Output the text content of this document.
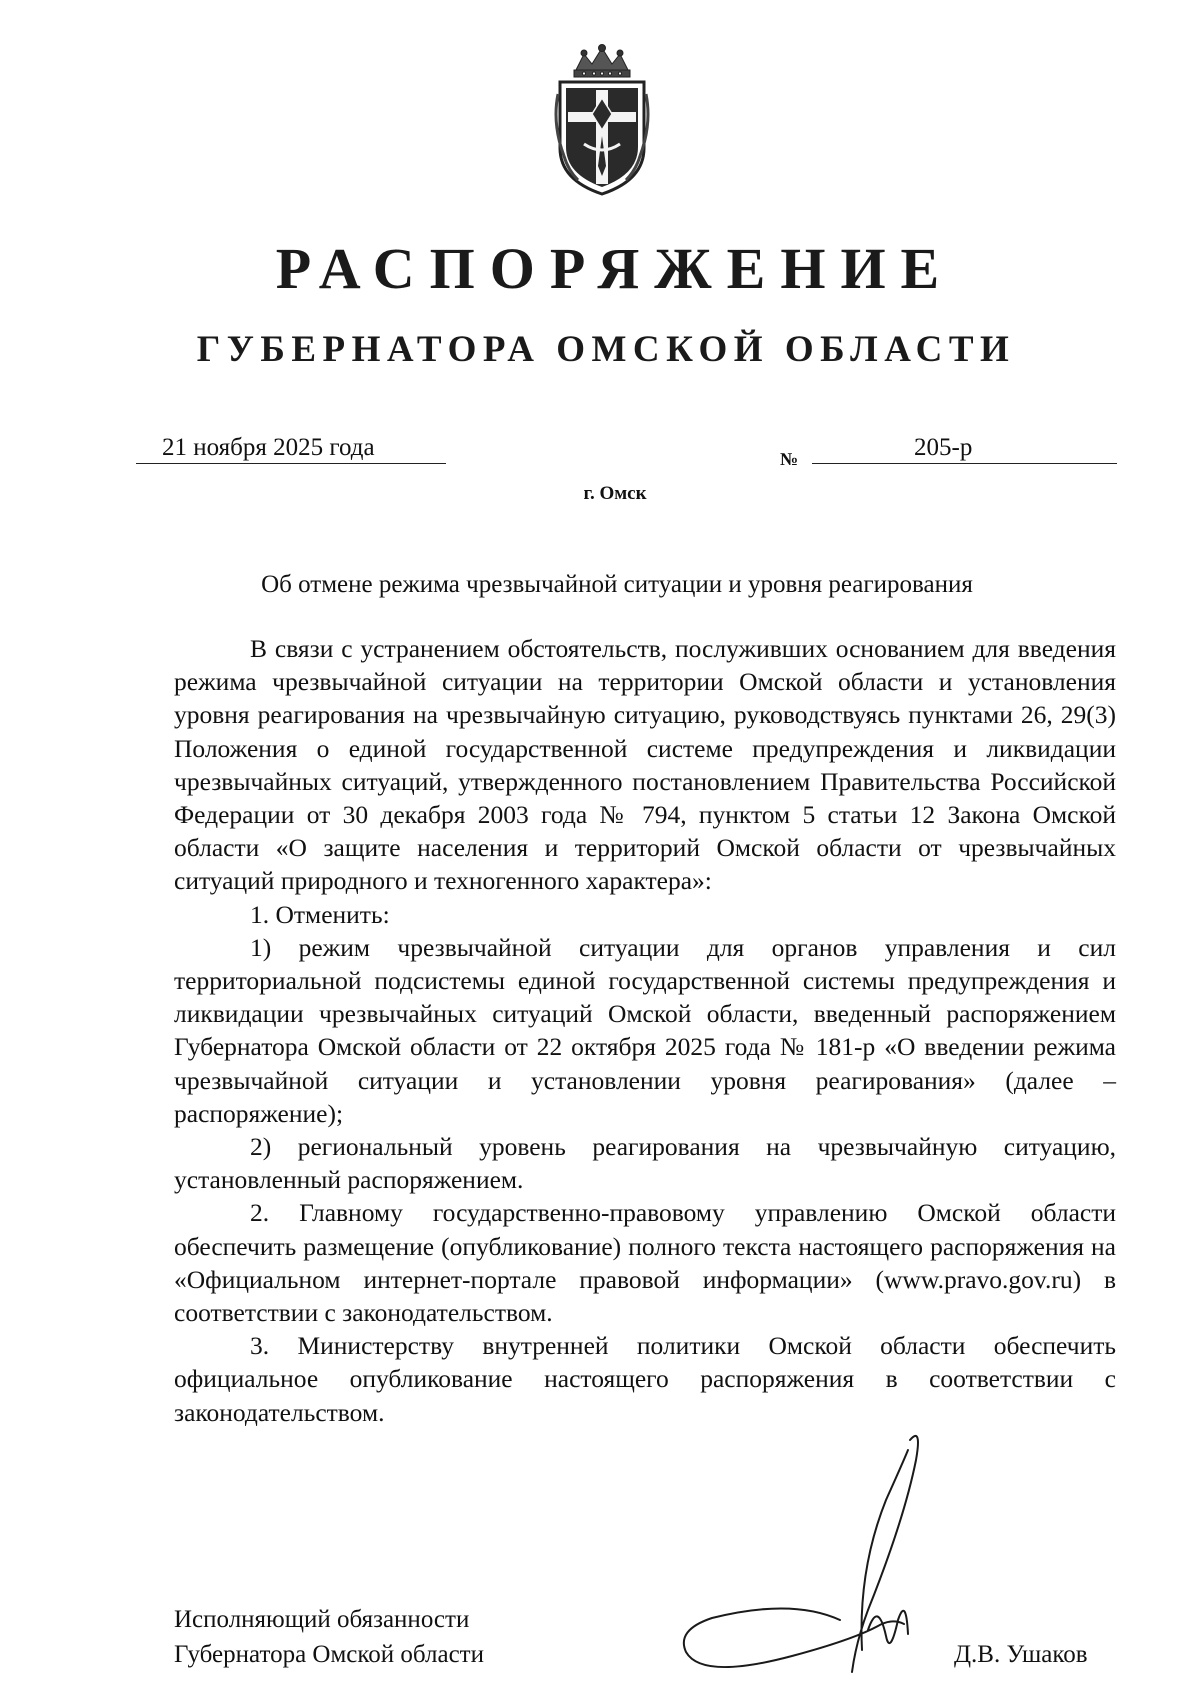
РАСПОРЯЖЕНИЕ
ГУБЕРНАТОРА ОМСКОЙ ОБЛАСТИ
21 ноября 2025 года	№	205-р
г. Омск
Об отмене режима чрезвычайной ситуации и уровня реагирования

В связи с устранением обстоятельств, послуживших основанием для введения режима чрезвычайной ситуации на территории Омской области и установления уровня реагирования на чрезвычайную ситуацию, руководствуясь пунктами 26, 29(3) Положения о единой государственной системе предупреждения и ликвидации чрезвычайных ситуаций, утвержденного постановлением Правительства Российской Федерации от 30 декабря 2003 года № 794, пунктом 5 статьи 12 Закона Омской области «О защите населения и территорий Омской области от чрезвычайных ситуаций природного и техногенного характера»:

1. Отменить:

1) режим чрезвычайной ситуации для органов управления и сил территориальной подсистемы единой государственной системы предупреждения и ликвидации чрезвычайных ситуаций Омской области, введенный распоряжением Губернатора Омской области от 22 октября 2025 года № 181-р «О введении режима чрезвычайной ситуации и установлении уровня реагирования» (далее – распоряжение);

2) региональный уровень реагирования на чрезвычайную ситуацию, установленный распоряжением.

2. Главному государственно-правовому управлению Омской области обеспечить размещение (опубликование) полного текста настоящего распоряжения на «Официальном интернет-портале правовой информации» (www.pravo.gov.ru) в соответствии с законодательством.

3. Министерству внутренней политики Омской области обеспечить официальное опубликование настоящего распоряжения в соответствии с законодательством.

Исполняющий обязанности
Губернатора Омской области	Д.В. Ушаков
